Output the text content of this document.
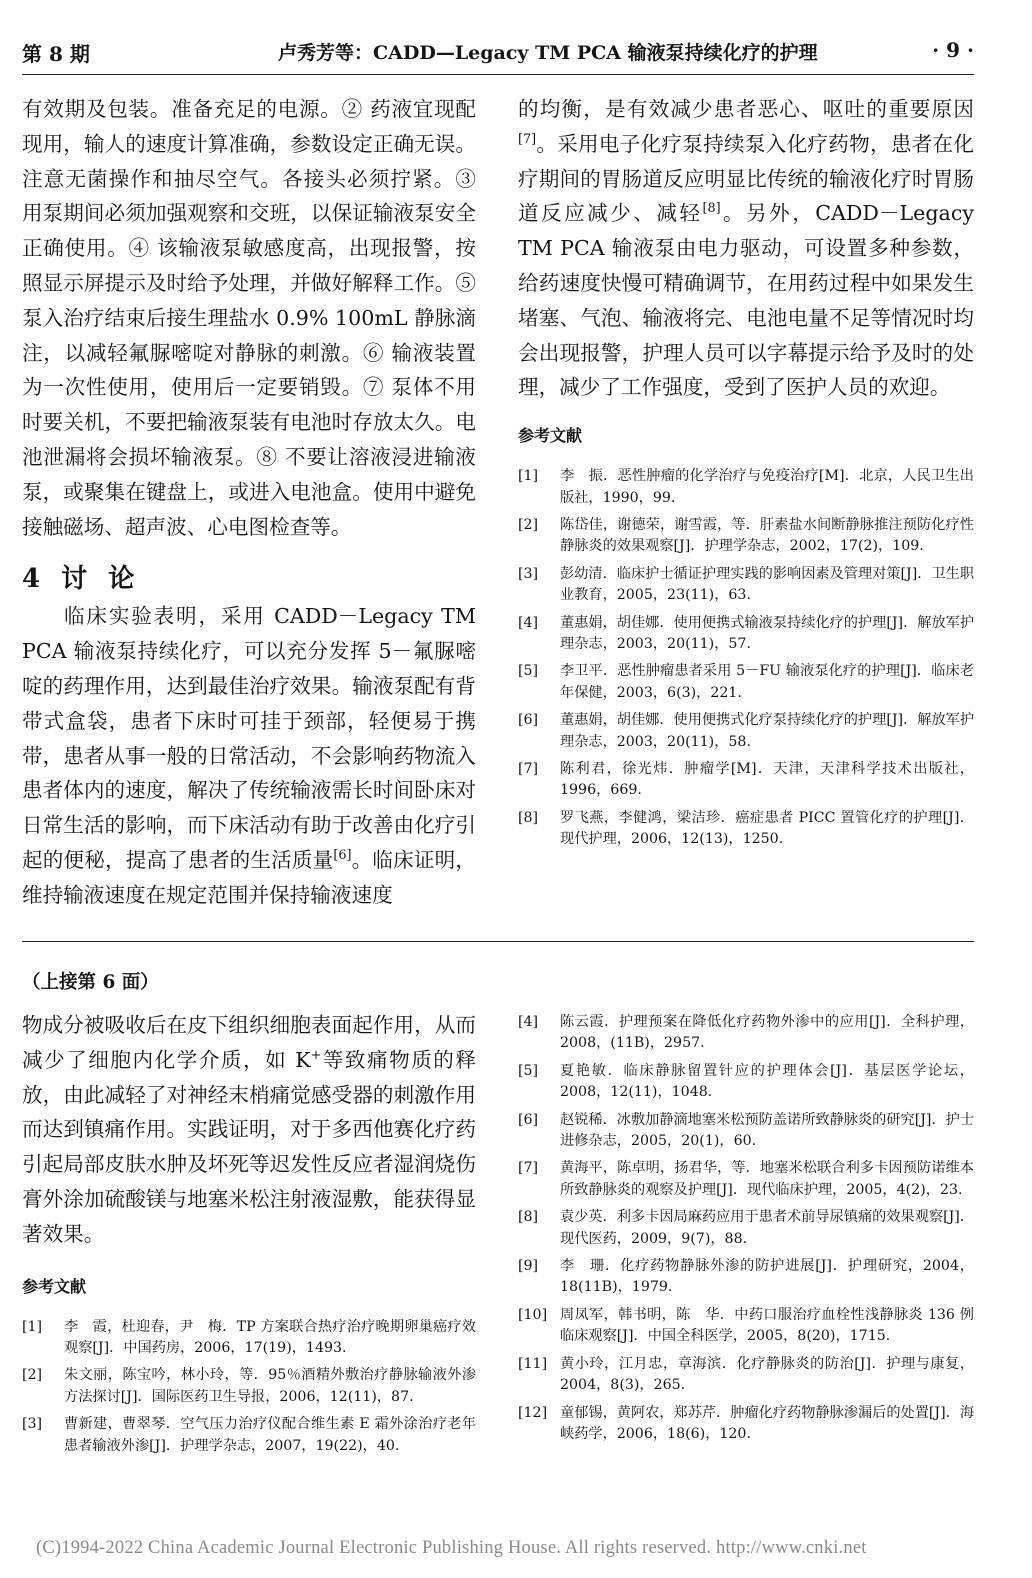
第 8 期	卢秀芳等：CADD—Legacy TM PCA 输液泵持续化疗的护理	· 9 ·

有效期及包装。准备充足的电源。② 药液宜现配现用，输人的速度计算准确，参数设定正确无误。注意无菌操作和抽尽空气。各接头必须拧紧。③ 用泵期间必须加强观察和交班，以保证输液泵安全正确使用。④ 该输液泵敏感度高，出现报警，按照显示屏提示及时给予处理，并做好解释工作。⑤ 泵入治疗结束后接生理盐水 0.9% 100mL 静脉滴注，以减轻氟脲嘧啶对静脉的刺激。⑥ 输液装置为一次性使用，使用后一定要销毁。⑦ 泵体不用时要关机，不要把输液泵装有电池时存放太久。电池泄漏将会损坏输液泵。⑧ 不要让溶液浸进输液泵，或聚集在键盘上，或进入电池盒。使用中避免接触磁场、超声波、心电图检查等。

4 讨 论

临床实验表明，采用 CADD－Legacy TM PCA 输液泵持续化疗，可以充分发挥 5－氟脲嘧啶的药理作用，达到最佳治疗效果。输液泵配有背带式盒袋，患者下床时可挂于颈部，轻便易于携带，患者从事一般的日常活动，不会影响药物流入患者体内的速度，解决了传统输液需长时间卧床对日常生活的影响，而下床活动有助于改善由化疗引起的便秘，提高了患者的生活质量[6]。临床证明，维持输液速度在规定范围并保持输液速度

的均衡，是有效减少患者恶心、呕吐的重要原因[7]。采用电子化疗泵持续泵入化疗药物，患者在化疗期间的胃肠道反应明显比传统的输液化疗时胃肠道反应减少、减轻[8]。另外，CADD－Legacy TM PCA 输液泵由电力驱动，可设置多种参数，给药速度快慢可精确调节，在用药过程中如果发生堵塞、气泡、输液将完、电池电量不足等情况时均会出现报警，护理人员可以字幕提示给予及时的处理，减少了工作强度，受到了医护人员的欢迎。

参考文献
[1] 李　振．恶性肿瘤的化学治疗与免疫治疗[M]．北京，人民卫生出版社，1990，99.
[2] 陈岱佳，谢德荣，谢雪霞，等．肝素盐水间断静脉推注预防化疗性静脉炎的效果观察[J]．护理学杂志，2002，17(2)，109.
[3] 彭幼清．临床护士循证护理实践的影响因素及管理对策[J]．卫生职业教育，2005，23(11)，63.
[4] 董惠娟，胡佳娜．使用便携式输液泵持续化疗的护理[J]．解放军护理杂志，2003，20(11)，57.
[5] 李卫平．恶性肿瘤患者采用 5－FU 输液泵化疗的护理[J]．临床老年保健，2003，6(3)，221.
[6] 董惠娟，胡佳娜．使用便携式化疗泵持续化疗的护理[J]．解放军护理杂志，2003，20(11)，58.
[7] 陈利君，徐光炜．肿瘤学[M]．天津，天津科学技术出版社，1996，669.
[8] 罗飞燕，李健鸿，梁洁珍．癌症患者 PICC 置管化疗的护理[J]．现代护理，2006，12(13)，1250.
（上接第 6 面）

物成分被吸收后在皮下组织细胞表面起作用，从而减少了细胞内化学介质，如 K+等致痛物质的释放，由此减轻了对神经末梢痛觉感受器的刺激作用而达到镇痛作用。实践证明，对于多西他赛化疗药引起局部皮肤水肿及坏死等迟发性反应者湿润烧伤膏外涂加硫酸镁与地塞米松注射液湿敷，能获得显著效果。

参考文献
[1] 李　霞，杜迎春，尹　梅．TP 方案联合热疗治疗晚期卵巢癌疗效观察[J]．中国药房，2006，17(19)，1493.
[2] 朱文丽，陈宝吟，林小玲，等．95％酒精外敷治疗静脉输液外渗方法探讨[J]．国际医药卫生导报，2006，12(11)，87.
[3] 曹新建，曹翠琴．空气压力治疗仪配合维生素 E 霜外涂治疗老年患者输液外渗[J]．护理学杂志，2007，19(22)，40.
[4] 陈云霞．护理预案在降低化疗药物外渗中的应用[J]．全科护理，2008，(11B)，2957.
[5] 夏艳敏．临床静脉留置针应的护理体会[J]．基层医学论坛，2008，12(11)，1048.
[6] 赵锐稀．冰敷加静滴地塞米松预防盖诺所致静脉炎的研究[J]．护士进修杂志，2005，20(1)，60.
[7] 黄海平，陈卓明，扬君华，等．地塞米松联合利多卡因预防诺维本所致静脉炎的观察及护理[J]．现代临床护理，2005，4(2)，23.
[8] 袁少英．利多卡因局麻药应用于患者术前导尿镇痛的效果观察[J]．现代医药，2009，9(7)，88.
[9] 李　珊．化疗药物静脉外渗的防护进展[J]．护理研究，2004，18(11B)，1979.
[10] 周凤军，韩书明，陈　华．中药口服治疗血栓性浅静脉炎 136 例临床观察[J]．中国全科医学，2005，8(20)，1715.
[11] 黄小玲，江月忠，章海滨．化疗静脉炎的防治[J]．护理与康复，2004，8(3)，265.
[12] 童郁锡，黄阿农，郑苏芹．肿瘤化疗药物静脉渗漏后的处置[J]．海峡药学，2006，18(6)，120.
(C)1994-2022 China Academic Journal Electronic Publishing House. All rights reserved. http://www.cnki.net
